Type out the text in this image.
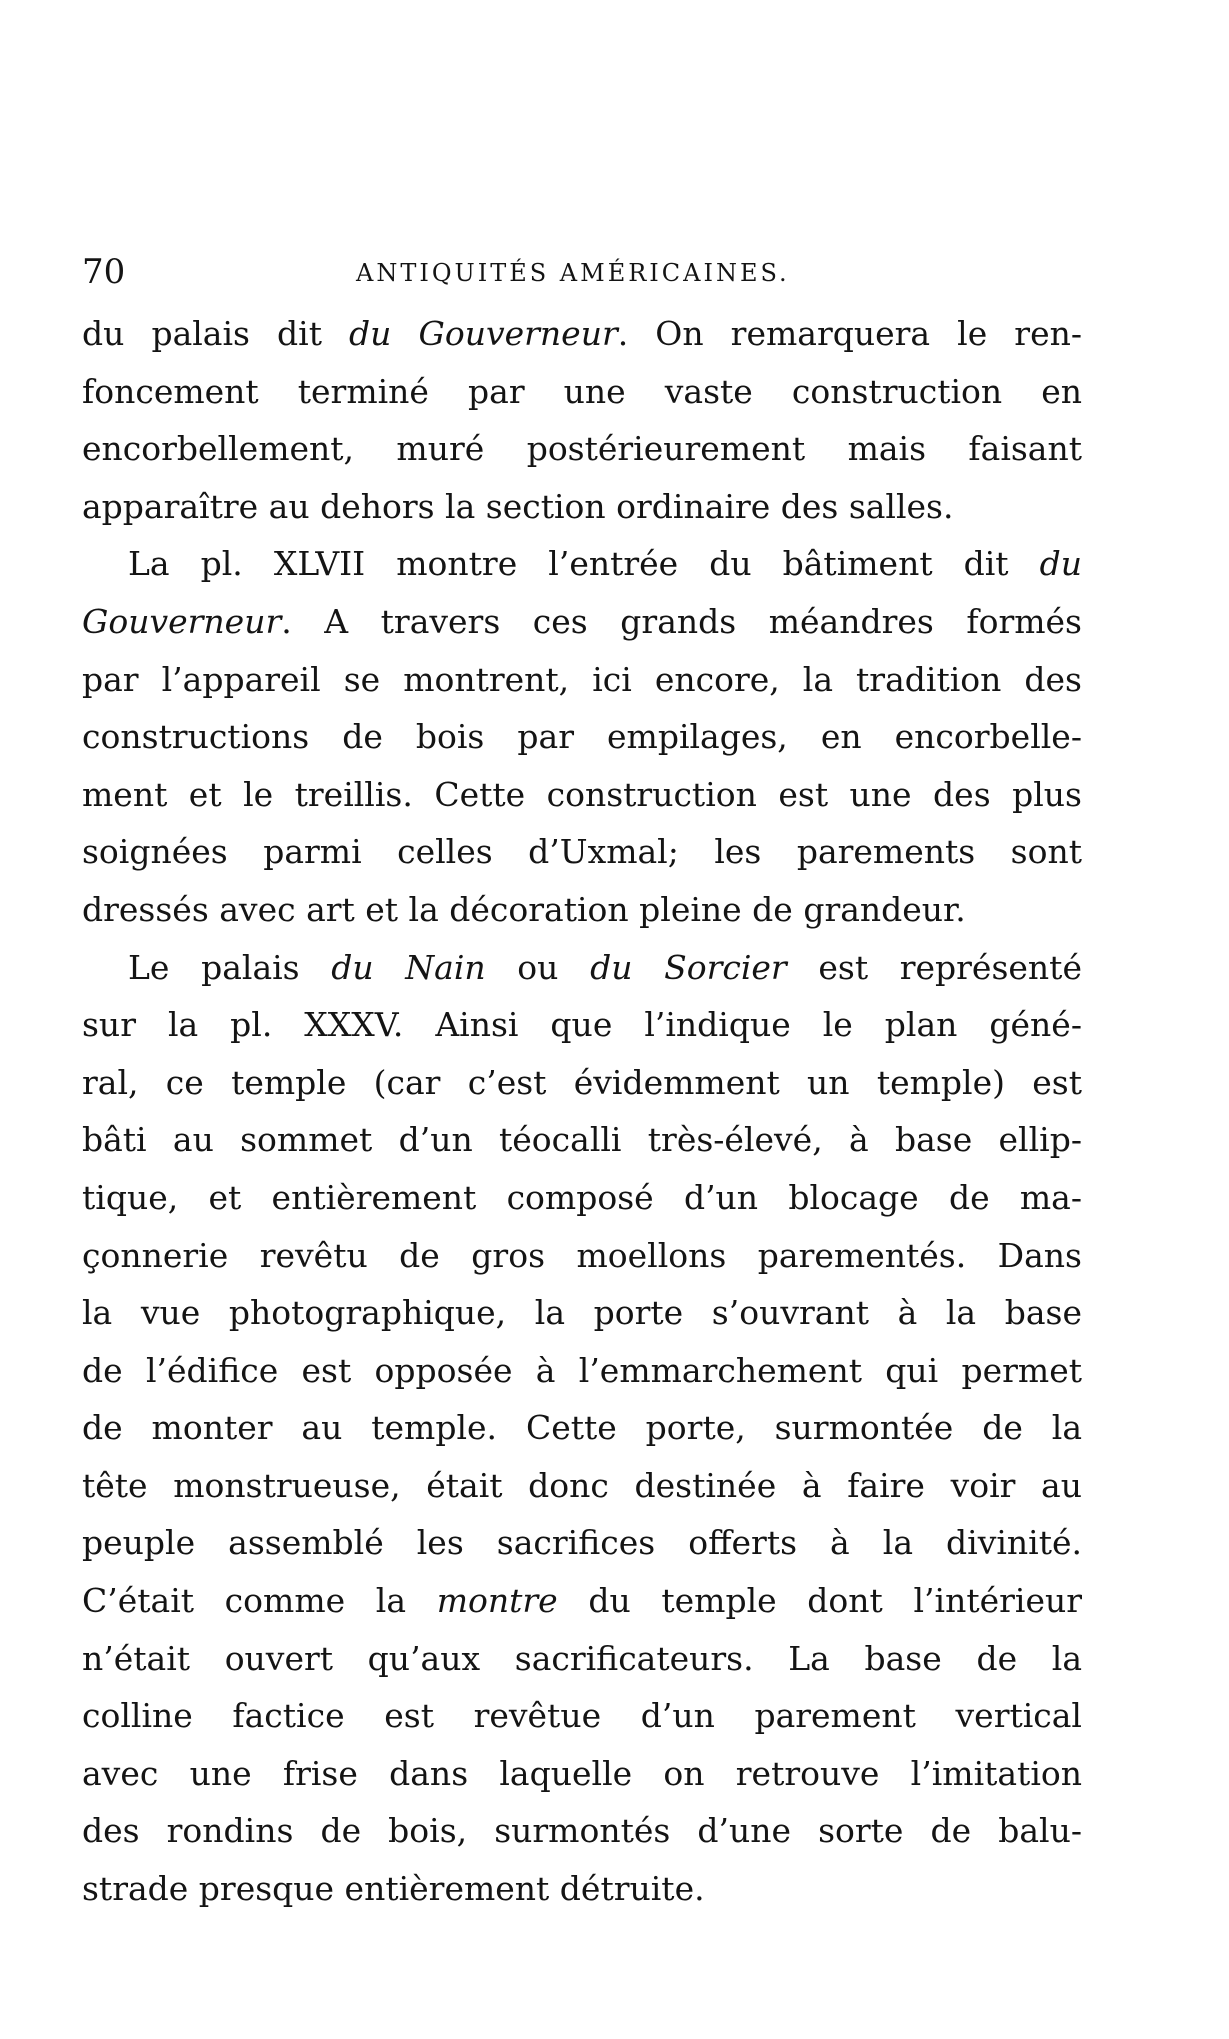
70	ANTIQUITÉS AMÉRICAINES.
du palais dit du Gouverneur. On remarquera le ren-
foncement terminé par une vaste construction en
encorbellement, muré postérieurement mais faisant
apparaître au dehors la section ordinaire des salles.
La pl. XLVII montre l’entrée du bâtiment dit du
Gouverneur. A travers ces grands méandres formés
par l’appareil se montrent, ici encore, la tradition des
constructions de bois par empilages, en encorbelle-
ment et le treillis. Cette construction est une des plus
soignées parmi celles d’Uxmal; les parements sont
dressés avec art et la décoration pleine de grandeur.
Le palais du Nain ou du Sorcier est représenté
sur la pl. XXXV. Ainsi que l’indique le plan géné-
ral, ce temple (car c’est évidemment un temple) est
bâti au sommet d’un téocalli très-élevé, à base ellip-
tique, et entièrement composé d’un blocage de ma-
çonnerie revêtu de gros moellons parementés. Dans
la vue photographique, la porte s’ouvrant à la base
de l’édifice est opposée à l’emmarchement qui permet
de monter au temple. Cette porte, surmontée de la
tête monstrueuse, était donc destinée à faire voir au
peuple assemblé les sacrifices offerts à la divinité.
C’était comme la montre du temple dont l’intérieur
n’était ouvert qu’aux sacrificateurs. La base de la
colline factice est revêtue d’un parement vertical
avec une frise dans laquelle on retrouve l’imitation
des rondins de bois, surmontés d’une sorte de balu-
strade presque entièrement détruite.
